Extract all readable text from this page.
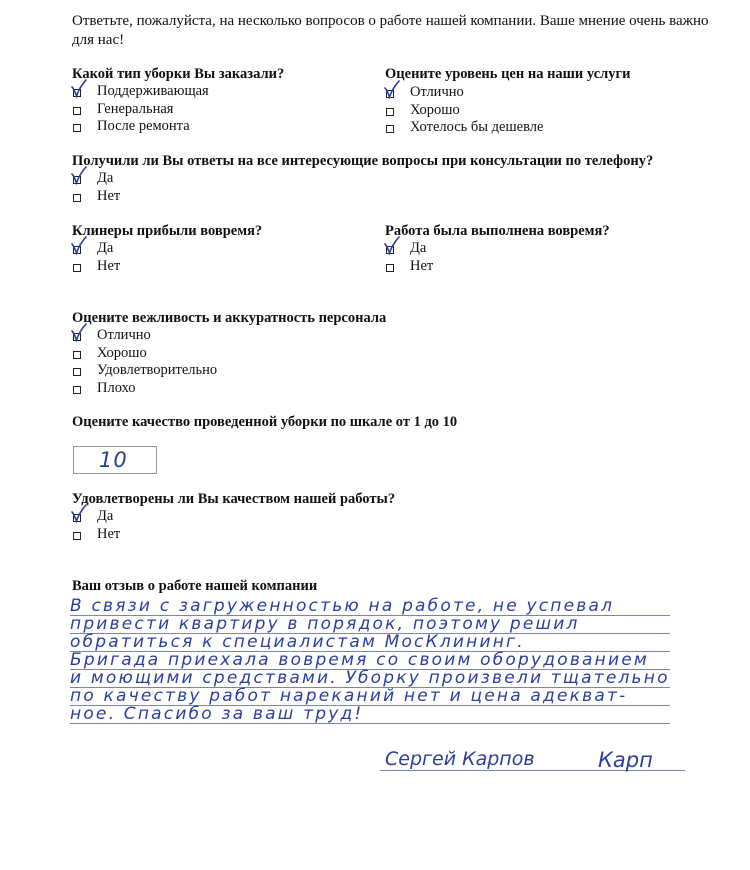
Ответьте, пожалуйста, на несколько вопросов о работе нашей компании. Ваше мнение очень важно для нас!
Какой тип уборки Вы заказали?
Поддерживающая
Генеральная
После ремонта
Оцените уровень цен на наши услуги
Отлично
Хорошо
Хотелось бы дешевле
Получили ли Вы ответы на все интересующие вопросы при консультации по телефону?
Да
Нет
Клинеры прибыли вовремя?
Да
Нет
Работа была выполнена вовремя?
Да
Нет
Оцените вежливость и аккуратность персонала
Отлично
Хорошо
Удовлетворительно
Плохо
Оцените качество проведенной уборки по шкале от 1 до 10
10
Удовлетворены ли Вы качеством нашей работы?
Да
Нет
Ваш отзыв о работе нашей компании
В связи с загруженностью на работе, не успевал
привести квартиру в порядок, поэтому решил
обратиться к специалистам МосКлининг.
Бригада приехала вовремя со своим оборудованием
и моющими средствами. Уборку произвели тщательно
по качеству работ нареканий нет и цена адекват-
ное. Спасибо за ваш труд!
Сергей Карпов	Карп
